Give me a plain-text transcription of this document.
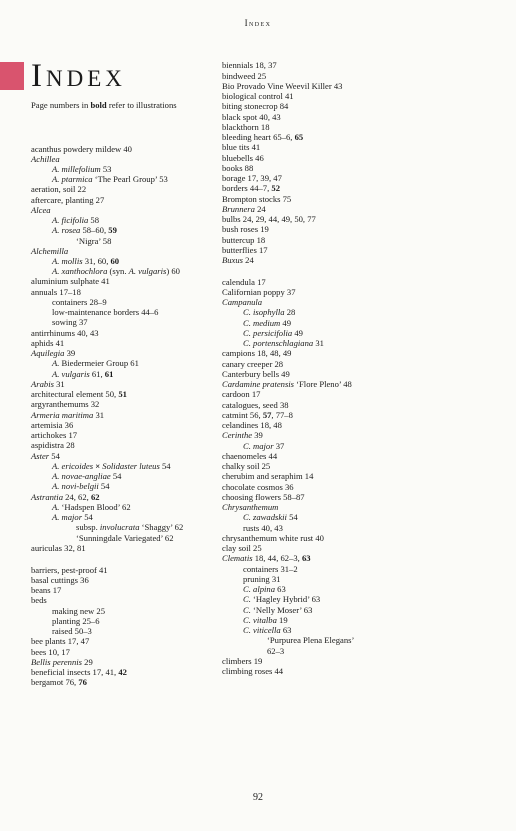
Index
Index
Page numbers in bold refer to illustrations
acanthus powdery mildew 40
Achillea
A. millefolium 53
A. ptarmica ‘The Pearl Group’ 53
aeration, soil 22
aftercare, planting 27
Alcea
A. ficifolia 58
A. rosea 58–60, 59
‘Nigra’ 58
Alchemilla
A. mollis 31, 60, 60
A. xanthochlora (syn. A. vulgaris) 60
aluminium sulphate 41
annuals 17–18
containers 28–9
low-maintenance borders 44–6
sowing 37
antirrhinums 40, 43
aphids 41
Aquilegia 39
A. Biedermeier Group 61
A. vulgaris 61, 61
Arabis 31
architectural element 50, 51
argyranthemums 32
Armeria maritima 31
artemisia 36
artichokes 17
aspidistra 28
Aster 54
A. ericoides × Solidaster luteus 54
A. novae-angliae 54
A. novi-belgii 54
Astrantia 24, 62, 62
A. ‘Hadspen Blood’ 62
A. major 54
subsp. involucrata ‘Shaggy’ 62
‘Sunningdale Variegated’ 62
auriculas 32, 81
barriers, pest-proof 41
basal cuttings 36
beans 17
beds
making new 25
planting 25–6
raised 50–3
bee plants 17, 47
bees 10, 17
Bellis perennis 29
beneficial insects 17, 41, 42
bergamot 76, 76
biennials 18, 37
bindweed 25
Bio Provado Vine Weevil Killer 43
biological control 41
biting stonecrop 84
black spot 40, 43
blackthorn 18
bleeding heart 65–6, 65
blue tits 41
bluebells 46
books 88
borage 17, 39, 47
borders 44–7, 52
Brompton stocks 75
Brunnera 24
bulbs 24, 29, 44, 49, 50, 77
bush roses 19
buttercup 18
butterflies 17
Buxus 24
calendula 17
Californian poppy 37
Campanula
C. isophylla 28
C. medium 49
C. persicifolia 49
C. portenschlagiana 31
campions 18, 48, 49
canary creeper 28
Canterbury bells 49
Cardamine pratensis ‘Flore Pleno’ 48
cardoon 17
catalogues, seed 38
catmint 56, 57, 77–8
celandines 18, 48
Cerinthe 39
C. major 37
chaenomeles 44
chalky soil 25
cherubim and seraphim 14
chocolate cosmos 36
choosing flowers 58–87
Chrysanthemum
C. zawadskii 54
rusts 40, 43
chrysanthemum white rust 40
clay soil 25
Clematis 18, 44, 62–3, 63
containers 31–2
pruning 31
C. alpina 63
C. ‘Hagley Hybrid’ 63
C. ‘Nelly Moser’ 63
C. vitalba 19
C. viticella 63
‘Purpurea Plena Elegans’
62–3
climbers 19
climbing roses 44
92
